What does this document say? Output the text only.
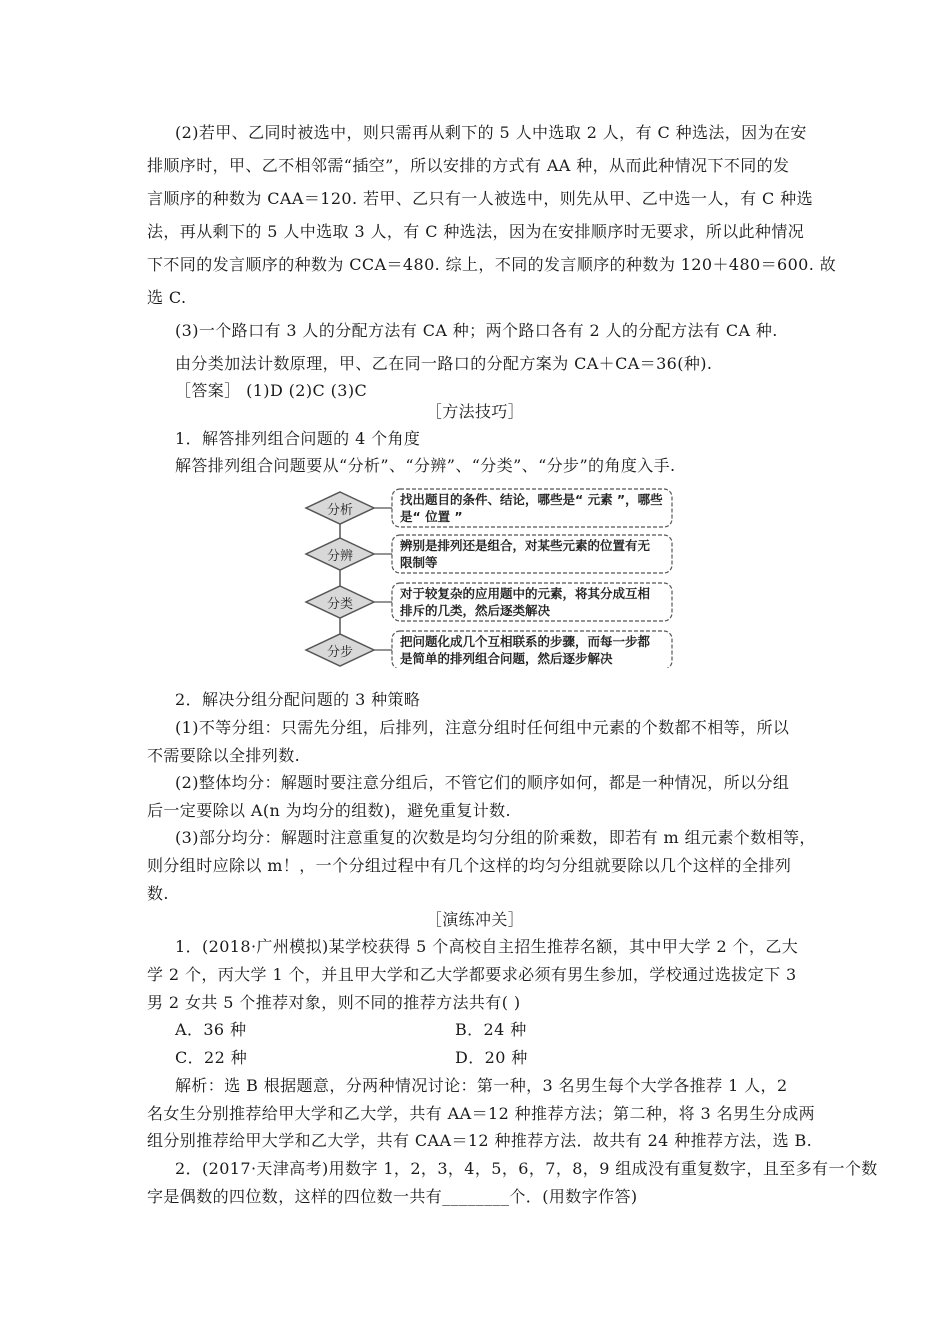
(2)若甲、乙同时被选中，则只需再从剩下的 5 人中选取 2 人，有 C 种选法，因为在安
排顺序时，甲、乙不相邻需“插空”，所以安排的方式有 AA 种，从而此种情况下不同的发
言顺序的种数为 CAA＝120. 若甲、乙只有一人被选中，则先从甲、乙中选一人，有 C 种选
法，再从剩下的 5 人中选取 3 人，有 C 种选法，因为在安排顺序时无要求，所以此种情况
下不同的发言顺序的种数为 CCA＝480. 综上，不同的发言顺序的种数为 120＋480＝600. 故
选 C.
(3)一个路口有 3 人的分配方法有 CA 种；两个路口各有 2 人的分配方法有 CA 种.
由分类加法计数原理，甲、乙在同一路口的分配方案为 CA＋CA＝36(种).
［答案］ (1)D (2)C (3)C
［方法技巧］
1．解答排列组合问题的 4 个角度
解答排列组合问题要从“分析”、“分辨”、“分类”、“分步”的角度入手.
分析
分辨
分类
分步
找出题目的条件、结论，哪些是“ 元素 ”，哪些
是“ 位置 ”
辨别是排列还是组合，对某些元素的位置有无
限制等
对于较复杂的应用题中的元素，将其分成互相
排斥的几类，然后逐类解决
把问题化成几个互相联系的步骤，而每一步都
是简单的排列组合问题，然后逐步解决
2．解决分组分配问题的 3 种策略
(1)不等分组：只需先分组，后排列，注意分组时任何组中元素的个数都不相等，所以
不需要除以全排列数.
(2)整体均分：解题时要注意分组后，不管它们的顺序如何，都是一种情况，所以分组
后一定要除以 A(n 为均分的组数)，避免重复计数.
(3)部分均分：解题时注意重复的次数是均匀分组的阶乘数，即若有 m 组元素个数相等，
则分组时应除以 m！，一个分组过程中有几个这样的均匀分组就要除以几个这样的全排列
数.
［演练冲关］
1．(2018·广州模拟)某学校获得 5 个高校自主招生推荐名额，其中甲大学 2 个，乙大
学 2 个，丙大学 1 个，并且甲大学和乙大学都要求必须有男生参加，学校通过选拔定下 3
男 2 女共 5 个推荐对象，则不同的推荐方法共有( )
A．36 种	B．24 种
C．22 种	D．20 种
解析：选 B 根据题意，分两种情况讨论：第一种，3 名男生每个大学各推荐 1 人，2
名女生分别推荐给甲大学和乙大学，共有 AA＝12 种推荐方法；第二种，将 3 名男生分成两
组分别推荐给甲大学和乙大学，共有 CAA＝12 种推荐方法．故共有 24 种推荐方法，选 B.
2．(2017·天津高考)用数字 1，2，3，4，5，6，7，8，9 组成没有重复数字，且至多有一个数
字是偶数的四位数，这样的四位数一共有________个．(用数字作答)
